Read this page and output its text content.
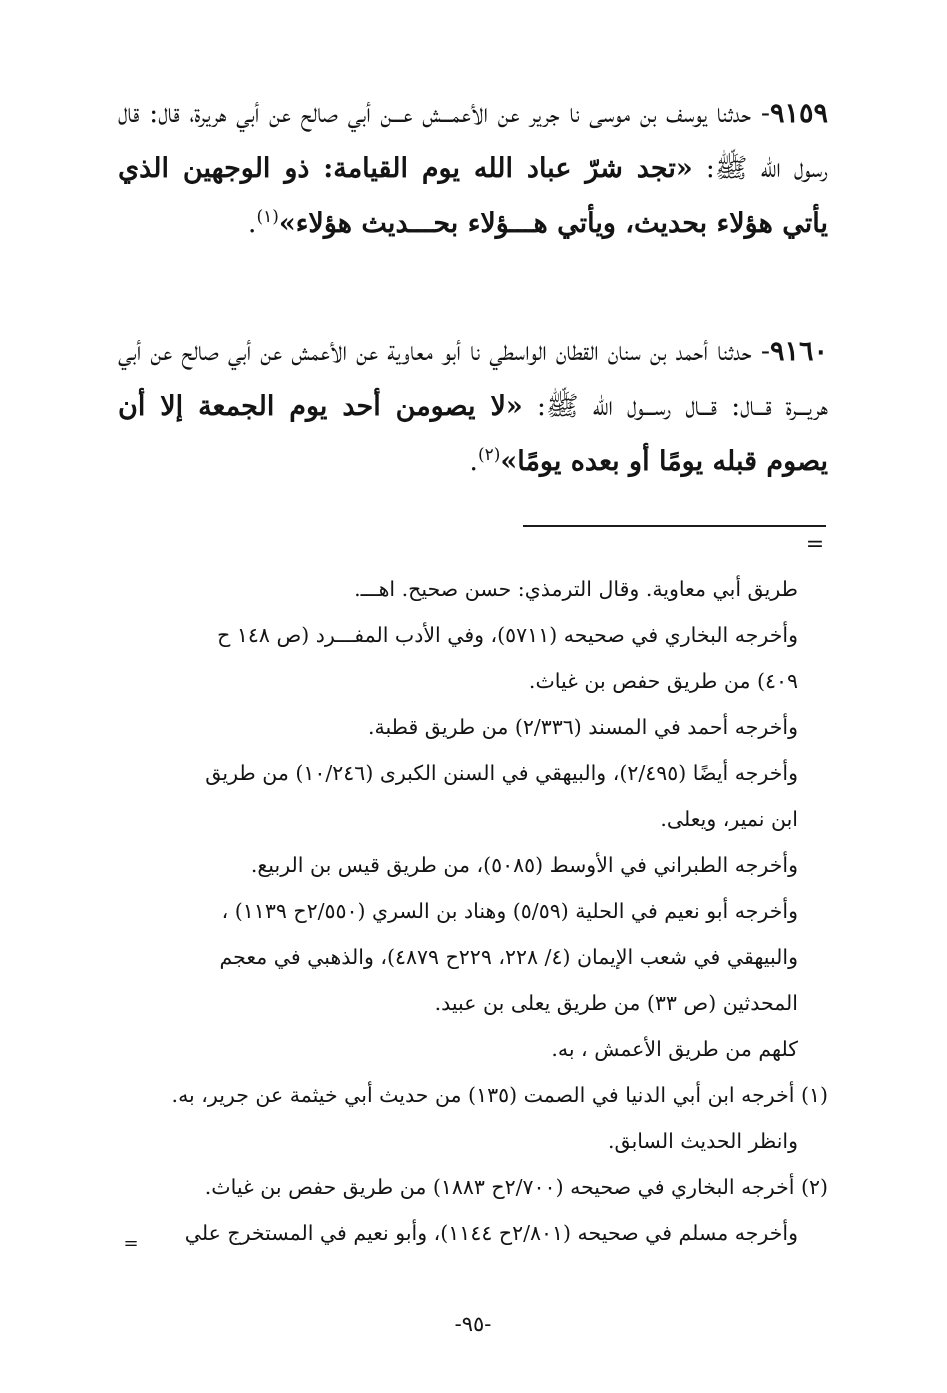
٩١٥٩- حدثنا يوسف بن موسى نا جرير عن الأعمـــش عـــن أبي صالح عن أبي هريرة، قال: قال رسول الله ﷺ: «تجد شرّ عباد الله يوم القيامة: ذو الوجهين الذي يأتي هؤلاء بحديث، ويأتي هـــؤلاء بحـــديث هؤلاء»$^{(١)}$.

٩١٦٠- حدثنا أحمد بن سنان القطان الواسطي نا أبو معاوية عن الأعمش عن أبي صالح عن أبي هريـــرة قـــال: قـــال رســـول الله ﷺ: «لا يصومن أحد يوم الجمعة إلا أن يصوم قبله يومًا أو بعده يومًا»$^{(٢)}$.

=
طريق أبي معاوية. وقال الترمذي: حسن صحيح. اهـــ.
وأخرجه البخاري في صحيحه (٥٧١١)، وفي الأدب المفـــرد (ص ١٤٨ ح
٤٠٩) من طريق حفص بن غياث.
وأخرجه أحمد في المسند (٢/٣٣٦) من طريق قطبة.
وأخرجه أيضًا (٢/٤٩٥)، والبيهقي في السنن الكبرى (١٠/٢٤٦) من طريق
ابن نمير، ويعلى.
وأخرجه الطبراني في الأوسط (٥٠٨٥)، من طريق قيس بن الربيع.
وأخرجه أبو نعيم في الحلية (٥/٥٩) وهناد بن السري (٢/٥٥٠ح ١١٣٩) ،
والبيهقي في شعب الإيمان (٤/ ٢٢٨، ٢٢٩ح ٤٨٧٩)، والذهبي في معجم
المحدثين (ص ٣٣) من طريق يعلى بن عبيد.
كلهم من طريق الأعمش ، به.
(١) أخرجه ابن أبي الدنيا في الصمت (١٣٥) من حديث أبي خيثمة عن جرير، به.
وانظر الحديث السابق.
(٢) أخرجه البخاري في صحيحه (٢/٧٠٠ح ١٨٨٣) من طريق حفص بن غياث.
وأخرجه مسلم في صحيحه (٢/٨٠١ح ١١٤٤)، وأبو نعيم في المستخرج علي
=
-٩٥-
